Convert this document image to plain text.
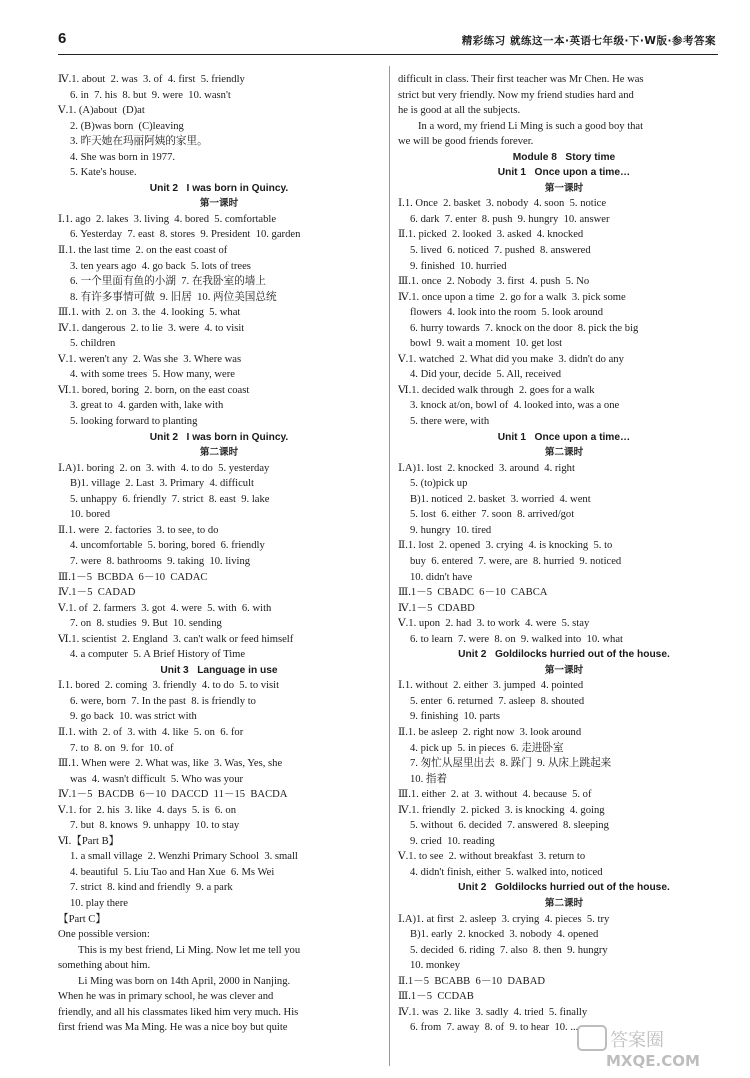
6	精彩练习 就练这一本·英语七年级·下·W版·参考答案
Ⅳ.1. about  2. was  3. of  4. first  5. friendly
6. in  7. his  8. but  9. were  10. wasn't
Ⅴ.1. (A)about  (D)at
2. (B)was born  (C)leaving
3. 昨天她在玛丽阿姨的家里。
4. She was born in 1977.
5. Kate's house.
Unit 2   I was born in Quincy.
第一课时
Ⅰ.1. ago  2. lakes  3. living  4. bored  5. comfortable
6. Yesterday  7. east  8. stores  9. President  10. garden
Ⅱ.1. the last time  2. on the east coast of
3. ten years ago  4. go back  5. lots of trees
6. 一个里面有鱼的小湖  7. 在我卧室的墙上
8. 有许多事情可做  9. 旧居  10. 两位美国总统
Ⅲ.1. with  2. on  3. the  4. looking  5. what
Ⅳ.1. dangerous  2. to lie  3. were  4. to visit
5. children
Ⅴ.1. weren't any  2. Was she  3. Where was
4. with some trees  5. How many, were
Ⅵ.1. bored, boring  2. born, on the east coast
3. great to  4. garden with, lake with
5. looking forward to planting
Unit 2   I was born in Quincy.
第二课时
Ⅰ.A)1. boring  2. on  3. with  4. to do  5. yesterday
B)1. village  2. Last  3. Primary  4. difficult
5. unhappy  6. friendly  7. strict  8. east  9. lake
10. bored
Ⅱ.1. were  2. factories  3. to see, to do
4. uncomfortable  5. boring, bored  6. friendly
7. were  8. bathrooms  9. taking  10. living
Ⅲ.1－5  BCBDA  6－10  CADAC
Ⅳ.1－5  CADAD
Ⅴ.1. of  2. farmers  3. got  4. were  5. with  6. with
7. on  8. studies  9. But  10. sending
Ⅵ.1. scientist  2. England  3. can't walk or feed himself
4. a computer  5. A Brief History of Time
Unit 3   Language in use
Ⅰ.1. bored  2. coming  3. friendly  4. to do  5. to visit
6. were, born  7. In the past  8. is friendly to
9. go back  10. was strict with
Ⅱ.1. with  2. of  3. with  4. like  5. on  6. for
7. to  8. on  9. for  10. of
Ⅲ.1. When were  2. What was, like  3. Was, Yes, she
was  4. wasn't difficult  5. Who was your
Ⅳ.1－5  BACDB  6－10  DACCD  11－15  BACDA
Ⅴ.1. for  2. his  3. like  4. days  5. is  6. on
7. but  8. knows  9. unhappy  10. to stay
Ⅵ.【Part B】
1. a small village  2. Wenzhi Primary School  3. small
4. beautiful  5. Liu Tao and Han Xue  6. Ms Wei
7. strict  8. kind and friendly  9. a park
10. play there
【Part C】
One possible version:
This is my best friend, Li Ming. Now let me tell you
something about him.
Li Ming was born on 14th April, 2000 in Nanjing.
When he was in primary school, he was clever and
friendly, and all his classmates liked him very much. His
first friend was Ma Ming. He was a nice boy but quite
difficult in class. Their first teacher was Mr Chen. He was
strict but very friendly. Now my friend studies hard and
he is good at all the subjects.
In a word, my friend Li Ming is such a good boy that
we will be good friends forever.
Module 8   Story time
Unit 1   Once upon a time…
第一课时
Ⅰ.1. Once  2. basket  3. nobody  4. soon  5. notice
6. dark  7. enter  8. push  9. hungry  10. answer
Ⅱ.1. picked  2. looked  3. asked  4. knocked
5. lived  6. noticed  7. pushed  8. answered
9. finished  10. hurried
Ⅲ.1. once  2. Nobody  3. first  4. push  5. No
Ⅳ.1. once upon a time  2. go for a walk  3. pick some
flowers  4. look into the room  5. look around
6. hurry towards  7. knock on the door  8. pick the big
bowl  9. wait a moment  10. get lost
Ⅴ.1. watched  2. What did you make  3. didn't do any
4. Did your, decide  5. All, received
Ⅵ.1. decided walk through  2. goes for a walk
3. knock at/on, bowl of  4. looked into, was a one
5. there were, with
Unit 1   Once upon a time…
第二课时
Ⅰ.A)1. lost  2. knocked  3. around  4. right
5. (to)pick up
B)1. noticed  2. basket  3. worried  4. went
5. lost  6. either  7. soon  8. arrived/got
9. hungry  10. tired
Ⅱ.1. lost  2. opened  3. crying  4. is knocking  5. to
buy  6. entered  7. were, are  8. hurried  9. noticed
10. didn't have
Ⅲ.1－5  CBADC  6－10  CABCA
Ⅳ.1－5  CDABD
Ⅴ.1. upon  2. had  3. to work  4. were  5. stay
6. to learn  7. were  8. on  9. walked into  10. what
Unit 2   Goldilocks hurried out of the house.
第一课时
Ⅰ.1. without  2. either  3. jumped  4. pointed
5. enter  6. returned  7. asleep  8. shouted
9. finishing  10. parts
Ⅱ.1. be asleep  2. right now  3. look around
4. pick up  5. in pieces  6. 走进卧室
7. 匆忙从屋里出去  8. 跺门  9. 从床上跳起来
10. 指着
Ⅲ.1. either  2. at  3. without  4. because  5. of
Ⅳ.1. friendly  2. picked  3. is knocking  4. going
5. without  6. decided  7. answered  8. sleeping
9. cried  10. reading
Ⅴ.1. to see  2. without breakfast  3. return to
4. didn't finish, either  5. walked into, noticed
Unit 2   Goldilocks hurried out of the house.
第二课时
Ⅰ.A)1. at first  2. asleep  3. crying  4. pieces  5. try
B)1. early  2. knocked  3. nobody  4. opened
5. decided  6. riding  7. also  8. then  9. hungry
10. monkey
Ⅱ.1－5  BCABB  6－10  DABAD
Ⅲ.1－5  CCDAB
Ⅳ.1. was  2. like  3. sadly  4. tried  5. finally
6. from  7. away  8. of  9. to hear  10. ...
答案圈
MXQE.COM
